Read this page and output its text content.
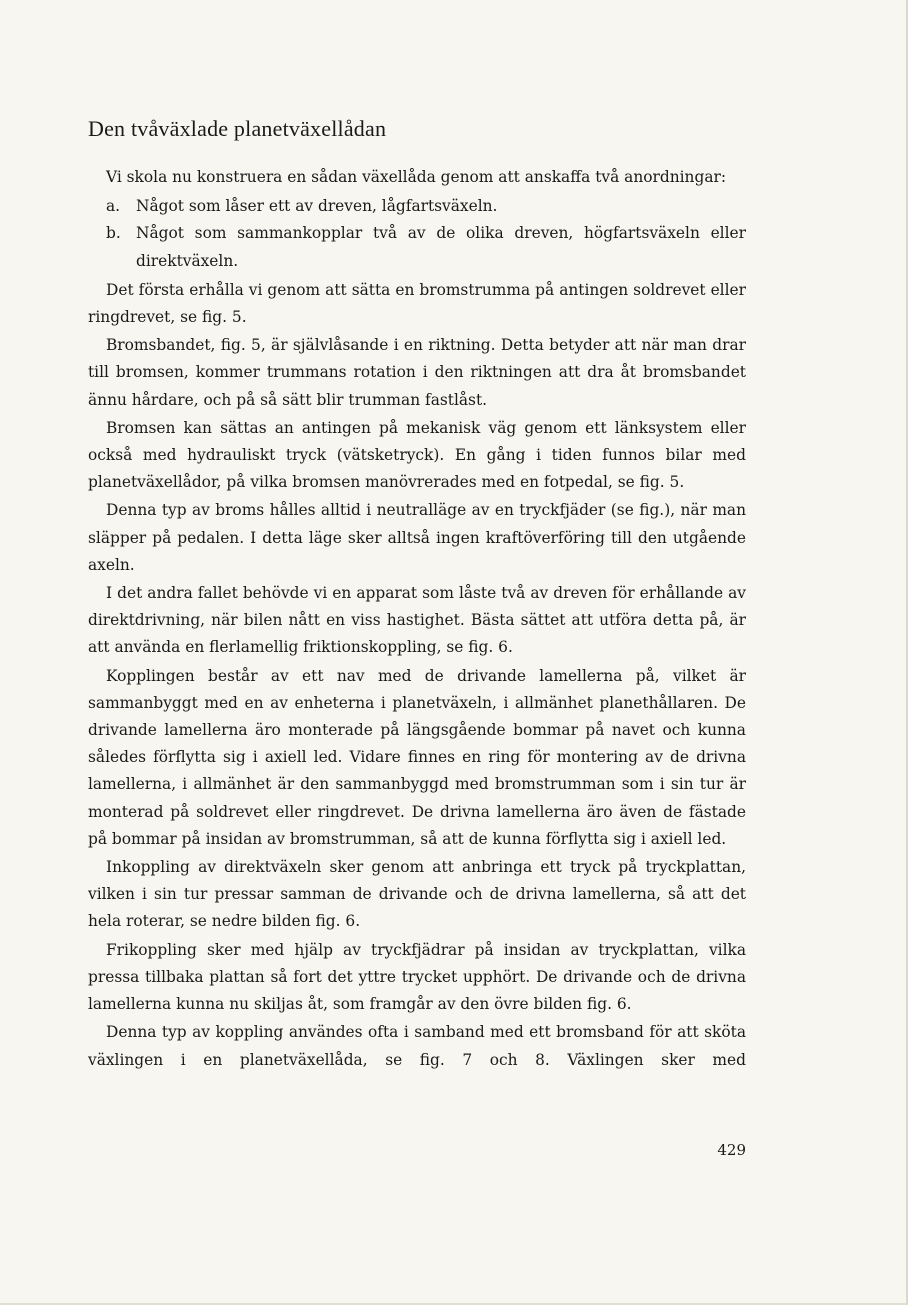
Den tvåväxlade planetväxellådan

Vi skola nu konstruera en sådan växellåda genom att anskaffa två anordningar:

a. Något som låser ett av dreven, lågfartsväxeln.
b. Något som sammankopplar två av de olika dreven, högfartsväxeln eller direktväxeln.

Det första erhålla vi genom att sätta en bromstrumma på antingen soldrevet eller ringdrevet, se fig. 5.

Bromsbandet, fig. 5, är självlåsande i en riktning. Detta betyder att när man drar till bromsen, kommer trummans rotation i den riktningen att dra åt bromsbandet ännu hårdare, och på så sätt blir trumman fastlåst.

Bromsen kan sättas an antingen på mekanisk väg genom ett länksystem eller också med hydrauliskt tryck (vätsketryck). En gång i tiden funnos bilar med planetväxellådor, på vilka bromsen manövrerades med en fotpedal, se fig. 5.

Denna typ av broms hålles alltid i neutralläge av en tryckfjäder (se fig.), när man släpper på pedalen. I detta läge sker alltså ingen kraftöverföring till den utgående axeln.

I det andra fallet behövde vi en apparat som låste två av dreven för erhållande av direktdrivning, när bilen nått en viss hastighet. Bästa sättet att utföra detta på, är att använda en flerlamellig friktionskoppling, se fig. 6.

Kopplingen består av ett nav med de drivande lamellerna på, vilket är sammanbyggt med en av enheterna i planetväxeln, i allmänhet planethållaren. De drivande lamellerna äro monterade på längsgående bommar på navet och kunna således förflytta sig i axiell led. Vidare finnes en ring för montering av de drivna lamellerna, i allmänhet är den sammanbyggd med bromstrumman som i sin tur är monterad på soldrevet eller ringdrevet. De drivna lamellerna äro även de fästade på bommar på insidan av bromstrumman, så att de kunna förflytta sig i axiell led.

Inkoppling av direktväxeln sker genom att anbringa ett tryck på tryckplattan, vilken i sin tur pressar samman de drivande och de drivna lamellerna, så att det hela roterar, se nedre bilden fig. 6.

Frikoppling sker med hjälp av tryckfjädrar på insidan av tryckplattan, vilka pressa tillbaka plattan så fort det yttre trycket upphört. De drivande och de drivna lamellerna kunna nu skiljas åt, som framgår av den övre bilden fig. 6.

Denna typ av koppling användes ofta i samband med ett bromsband för att sköta växlingen i en planetväxellåda, se fig. 7 och 8. Växlingen sker med

429
